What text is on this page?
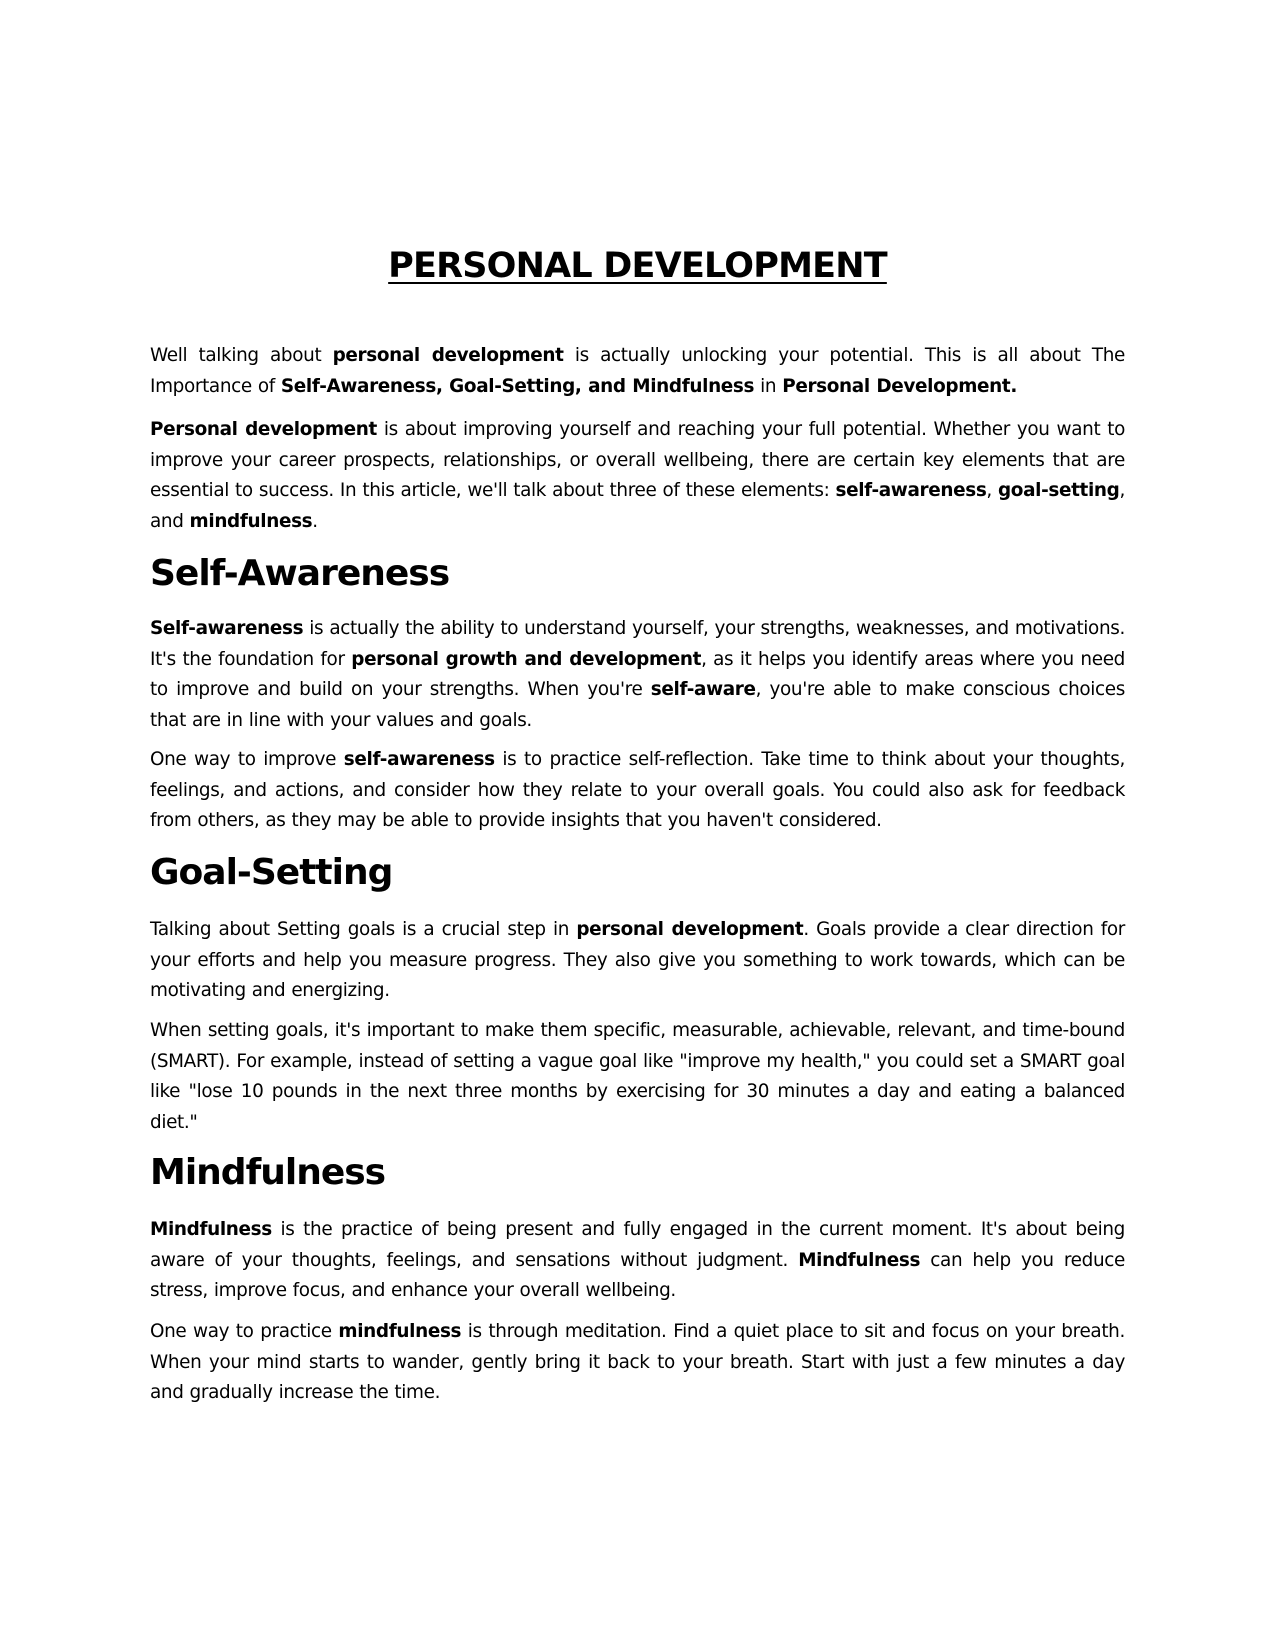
PERSONAL DEVELOPMENT

Well talking about personal development is actually unlocking your potential. This is all about The Importance of Self-Awareness, Goal-Setting, and Mindfulness in Personal Development.

Personal development is about improving yourself and reaching your full potential. Whether you want to improve your career prospects, relationships, or overall wellbeing, there are certain key elements that are essential to success. In this article, we'll talk about three of these elements: self-awareness, goal-setting, and mindfulness.

Self-Awareness

Self-awareness is actually the ability to understand yourself, your strengths, weaknesses, and motivations. It's the foundation for personal growth and development, as it helps you identify areas where you need to improve and build on your strengths. When you're self-aware, you're able to make conscious choices that are in line with your values and goals.

One way to improve self-awareness is to practice self-reflection. Take time to think about your thoughts, feelings, and actions, and consider how they relate to your overall goals. You could also ask for feedback from others, as they may be able to provide insights that you haven't considered.

Goal-Setting

Talking about Setting goals is a crucial step in personal development. Goals provide a clear direction for your efforts and help you measure progress. They also give you something to work towards, which can be motivating and energizing.

When setting goals, it's important to make them specific, measurable, achievable, relevant, and time-bound (SMART). For example, instead of setting a vague goal like "improve my health," you could set a SMART goal like "lose 10 pounds in the next three months by exercising for 30 minutes a day and eating a balanced diet."

Mindfulness

Mindfulness is the practice of being present and fully engaged in the current moment. It's about being aware of your thoughts, feelings, and sensations without judgment. Mindfulness can help you reduce stress, improve focus, and enhance your overall wellbeing.

One way to practice mindfulness is through meditation. Find a quiet place to sit and focus on your breath. When your mind starts to wander, gently bring it back to your breath. Start with just a few minutes a day and gradually increase the time.
